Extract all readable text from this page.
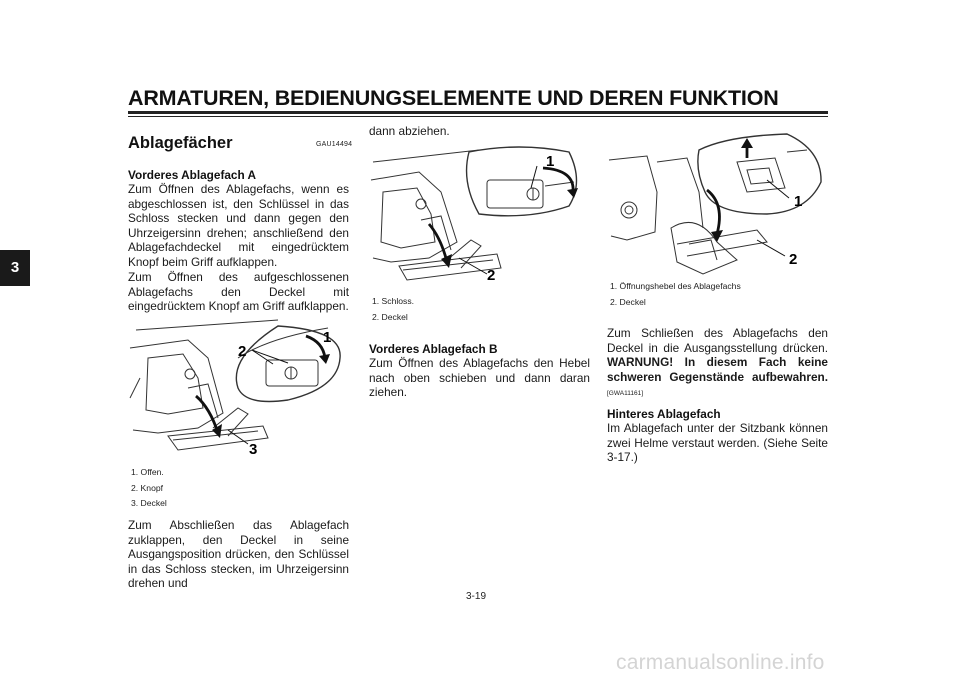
ARMATUREN, BEDIENUNGSELEMENTE UND DEREN FUNKTION
3
GAU14494
Ablagefächer
Vorderes Ablagefach A
Zum Öffnen des Ablagefachs, wenn es abgeschlossen ist, den Schlüssel in das Schloss stecken und dann gegen den Uhrzeigersinn drehen; anschließend den Ablagefachdeckel mit eingedrücktem Knopf beim Griff aufklappen.
Zum Öffnen des aufgeschlossenen Ablagefachs den Deckel mit eingedrücktem Knopf am Griff aufklappen.
1
2
3
1. Offen.
2. Knopf
3. Deckel
Zum Abschließen das Ablagefach zuklappen, den Deckel in seine Ausgangsposition drücken, den Schlüssel in das Schloss stecken, im Uhrzeigersinn drehen und
dann abziehen.
1
2
1. Schloss.
2. Deckel
Vorderes Ablagefach B
Zum Öffnen des Ablagefachs den Hebel nach oben schieben und dann daran ziehen.
1
2
1. Öffnungshebel des Ablagefachs
2. Deckel
Zum Schließen des Ablagefachs den Deckel in die Ausgangsstellung drücken. WARNUNG! In diesem Fach keine schweren Gegenstände aufbewahren.[GWA11161]
Hinteres Ablagefach
Im Ablagefach unter der Sitzbank können zwei Helme verstaut werden. (Siehe Seite 3-17.)
3-19
carmanualsonline.info
